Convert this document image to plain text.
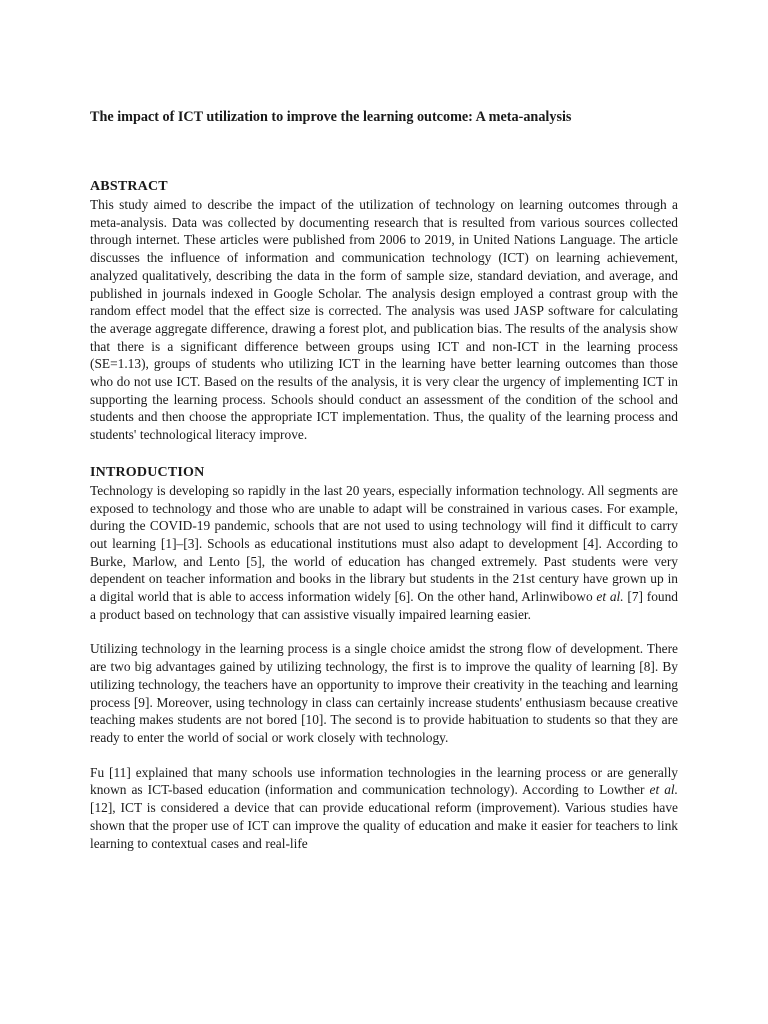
The impact of ICT utilization to improve the learning outcome: A meta-analysis
ABSTRACT

This study aimed to describe the impact of the utilization of technology on learning outcomes through a meta-analysis. Data was collected by documenting research that is resulted from various sources collected through internet. These articles were published from 2006 to 2019, in United Nations Language. The article discusses the influence of information and communication technology (ICT) on learning achievement, analyzed qualitatively, describing the data in the form of sample size, standard deviation, and average, and published in journals indexed in Google Scholar. The analysis design employed a contrast group with the random effect model that the effect size is corrected. The analysis was used JASP software for calculating the average aggregate difference, drawing a forest plot, and publication bias. The results of the analysis show that there is a significant difference between groups using ICT and non-ICT in the learning process (SE=1.13), groups of students who utilizing ICT in the learning have better learning outcomes than those who do not use ICT. Based on the results of the analysis, it is very clear the urgency of implementing ICT in supporting the learning process. Schools should conduct an assessment of the condition of the school and students and then choose the appropriate ICT implementation. Thus, the quality of the learning process and students' technological literacy improve.

INTRODUCTION

Technology is developing so rapidly in the last 20 years, especially information technology. All segments are exposed to technology and those who are unable to adapt will be constrained in various cases. For example, during the COVID-19 pandemic, schools that are not used to using technology will find it difficult to carry out learning [1]–[3]. Schools as educational institutions must also adapt to development [4]. According to Burke, Marlow, and Lento [5], the world of education has changed extremely. Past students were very dependent on teacher information and books in the library but students in the 21st century have grown up in a digital world that is able to access information widely [6]. On the other hand, Arlinwibowo et al. [7] found a product based on technology that can assistive visually impaired learning easier.

Utilizing technology in the learning process is a single choice amidst the strong flow of development. There are two big advantages gained by utilizing technology, the first is to improve the quality of learning [8]. By utilizing technology, the teachers have an opportunity to improve their creativity in the teaching and learning process [9]. Moreover, using technology in class can certainly increase students' enthusiasm because creative teaching makes students are not bored [10]. The second is to provide habituation to students so that they are ready to enter the world of social or work closely with technology.

Fu [11] explained that many schools use information technologies in the learning process or are generally known as ICT-based education (information and communication technology). According to Lowther et al. [12], ICT is considered a device that can provide educational reform (improvement). Various studies have shown that the proper use of ICT can improve the quality of education and make it easier for teachers to link learning to contextual cases and real-life
